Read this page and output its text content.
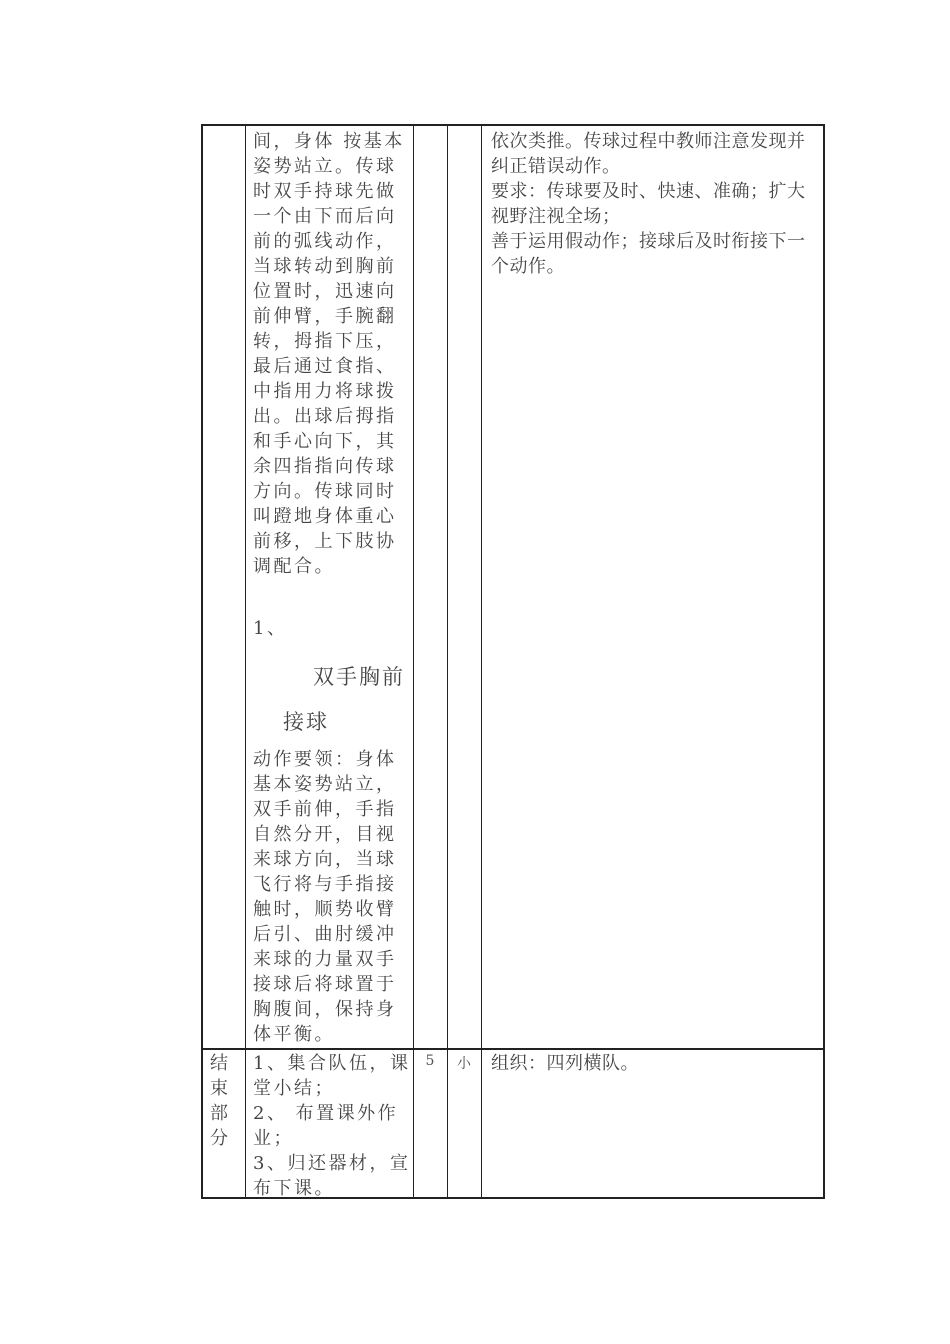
间，身体 按基本

姿势站立。传球

时双手持球先做

一个由下而后向

前的弧线动作，

当球转动到胸前

位置时，迅速向

前伸臂，手腕翻

转，拇指下压，

最后通过食指、

中指用力将球拨

出。出球后拇指

和手心向下，其

余四指指向传球

方向。传球同时

叫蹬地身体重心

前移，上下肢协

调配合。

1、

双手胸前

接球

动作要领：身体

基本姿势站立，

双手前伸，手指

自然分开，目视

来球方向，当球

飞行将与手指接

触时，顺势收臂

后引、曲肘缓冲

来球的力量双手

接球后将球置于

胸腹间，保持身

体平衡。

依次类推。传球过程中教师注意发现并

纠正错误动作。

要求：传球要及时、快速、准确；扩大

视野注视全场；

善于运用假动作；接球后及时衔接下一

个动作。

结

束

部

分

1、集合队伍，课

堂小结；

2、 布置课外作

业；

3、归还器材，宣

布下课。

5	小	组织：四列横队。
